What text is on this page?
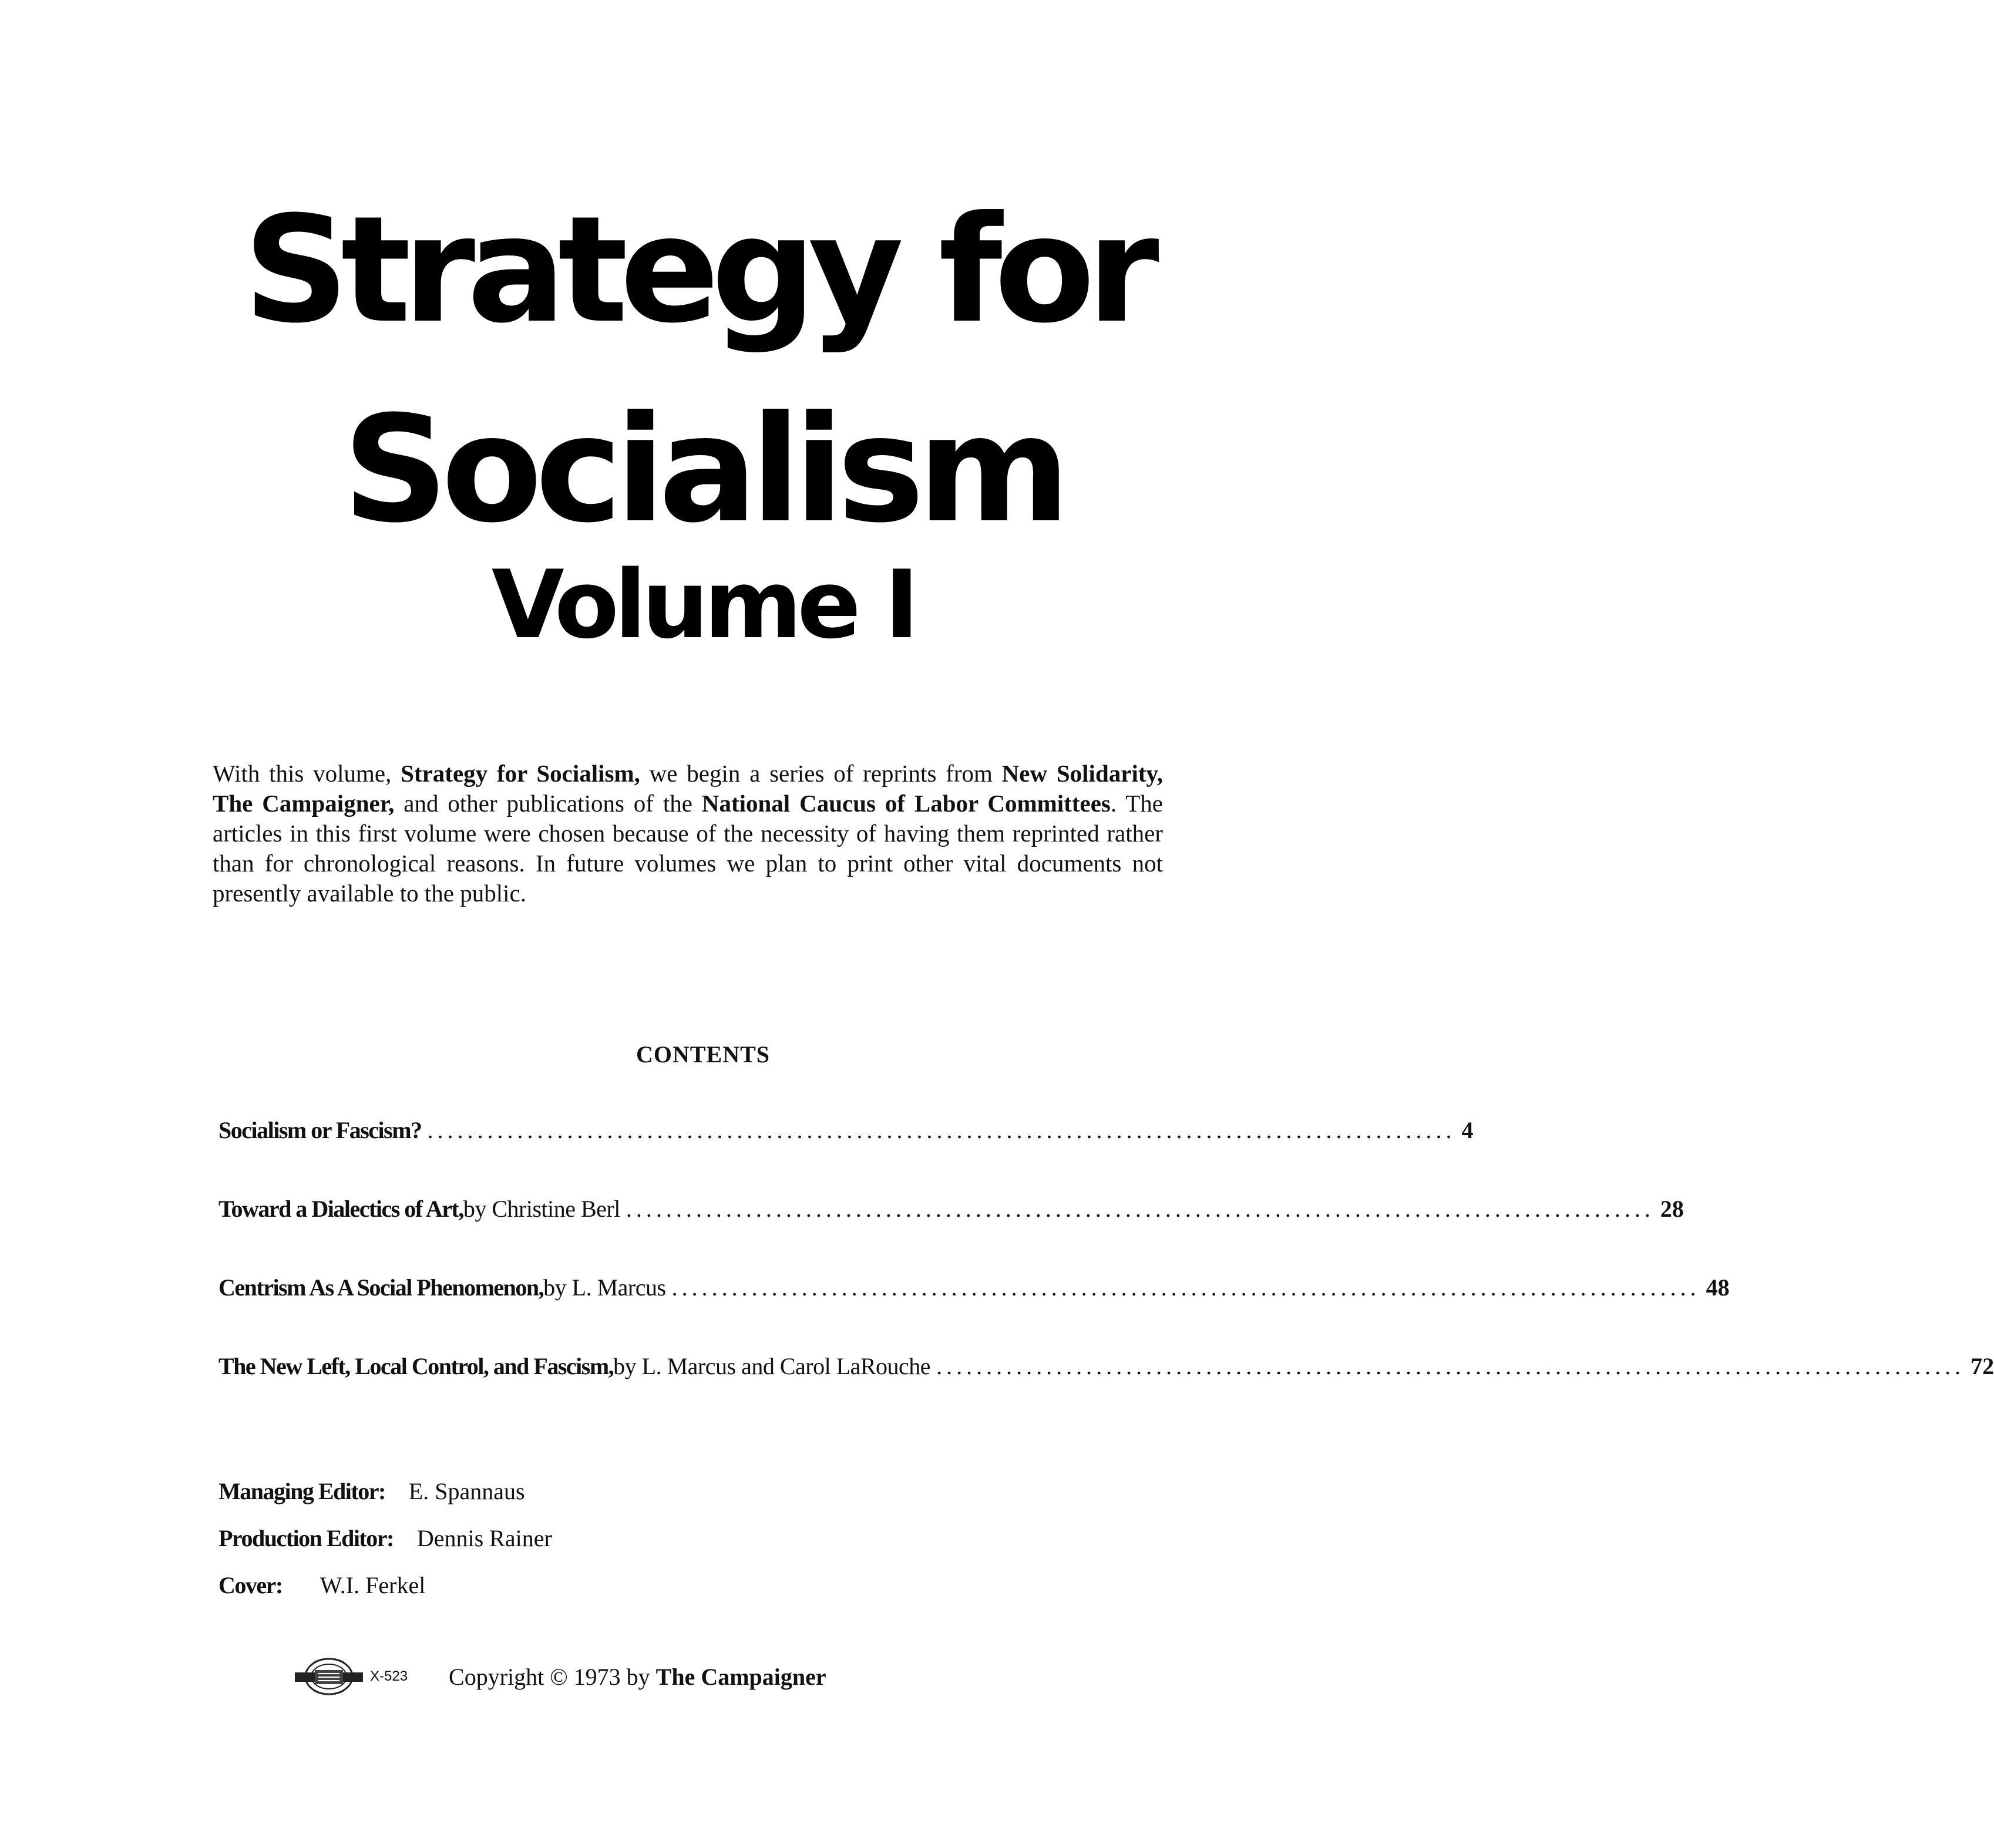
Strategy for
Socialism
Volume I

With this volume, Strategy for Socialism, we begin a series of reprints from New Solidarity, The Campaigner, and other publications of the National Caucus of Labor Committees. The articles in this first volume were chosen because of the necessity of having them reprinted rather than for chronological reasons. In future volumes we plan to print other vital documents not presently available to the public.

CONTENTS
Socialism or Fascism? ....................................................................................................... 4
Toward a Dialectics of Art, by Christine Berl ....................................................................................................... 28
Centrism As A Social Phenomenon, by L. Marcus ....................................................................................................... 48
The New Left, Local Control, and Fascism, by L. Marcus and Carol LaRouche ....................................................................................................... 72
Managing Editor: E. Spannaus
Production Editor: Dennis Rainer
Cover: W.I. Ferkel
X-523 Copyright © 1973 by The Campaigner
